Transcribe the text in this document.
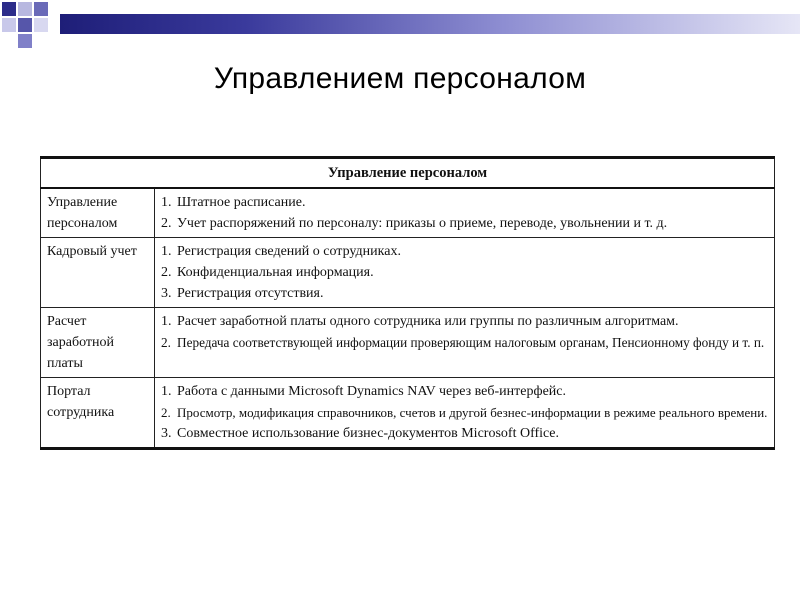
Управлением персоналом
Управление персоналом	
Управление персоналом	1. Штатное расписание.
2. Учет распоряжений по персоналу: приказы о приеме, переводе, увольнении и т. д.

Кадровый учет	1. Регистрация сведений о сотрудниках.
2. Конфиденциальная информация.
3. Регистрация отсутствия.

Расчет заработной платы	1. Расчет заработной платы одного сотрудника или группы по различным алгоритмам.
2. Передача соответствующей информации проверяющим налоговым органам, Пенсионному фонду и т. п.

Портал сотрудника	1. Работа с данными Microsoft Dynamics NAV через веб-интерфейс.
2. Просмотр, модификация справочников, счетов и другой безнес-информации в режиме реального времени.
3. Совместное использование бизнес-документов Microsoft Office.
